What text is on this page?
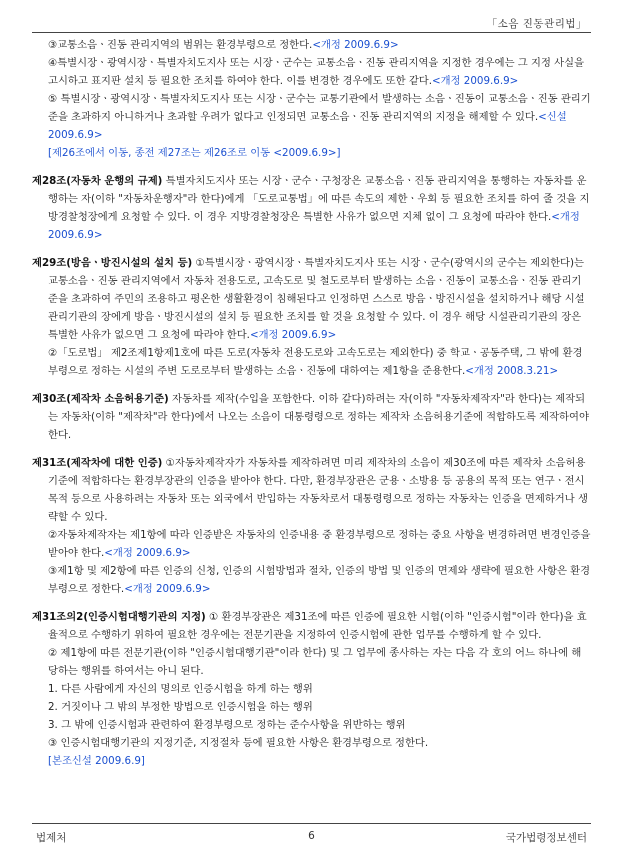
「소음 진동관리법」
③교통소음ㆍ진동 관리지역의 범위는 환경부령으로 정한다.<개정 2009.6.9>
④특별시장ㆍ광역시장ㆍ특별자치도지사 또는 시장ㆍ군수는 교통소음ㆍ진동 관리지역을 지정한 경우에는 그 지정 사실을 고시하고 표지판 설치 등 필요한 조치를 하여야 한다. 이를 변경한 경우에도 또한 같다.<개정 2009.6.9>
⑤ 특별시장ㆍ광역시장ㆍ특별자치도지사 또는 시장ㆍ군수는 교통기관에서 발생하는 소음ㆍ진동이 교통소음ㆍ진동 관리기준을 초과하지 아니하거나 초과할 우려가 없다고 인정되면 교통소음ㆍ진동 관리지역의 지정을 해제할 수 있다.<신설 2009.6.9>
[제26조에서 이동, 종전 제27조는 제26조로 이동 <2009.6.9>]
제28조(자동차 운행의 규제) 특별자치도지사 또는 시장ㆍ군수ㆍ구청장은 교통소음ㆍ진동 관리지역을 통행하는 자동차를 운행하는 자(이하 "자동차운행자"라 한다)에게 「도로교통법」에 따른 속도의 제한ㆍ우회 등 필요한 조치를 하여 줄 것을 지방경찰청장에게 요청할 수 있다. 이 경우 지방경찰청장은 특별한 사유가 없으면 지체 없이 그 요청에 따라야 한다.<개정 2009.6.9>
제29조(방음ㆍ방진시설의 설치 등) ①특별시장ㆍ광역시장ㆍ특별자치도지사 또는 시장ㆍ군수(광역시의 군수는 제외한다)는 교통소음ㆍ진동 관리지역에서 자동차 전용도로, 고속도로 및 철도로부터 발생하는 소음ㆍ진동이 교통소음ㆍ진동 관리기준을 초과하여 주민의 조용하고 평온한 생활환경이 침해된다고 인정하면 스스로 방음ㆍ방진시설을 설치하거나 해당 시설관리기관의 장에게 방음ㆍ방진시설의 설치 등 필요한 조치를 할 것을 요청할 수 있다. 이 경우 해당 시설관리기관의 장은 특별한 사유가 없으면 그 요청에 따라야 한다.<개정 2009.6.9>
②「도로법」 제2조제1항제1호에 따른 도로(자동차 전용도로와 고속도로는 제외한다) 중 학교ㆍ공동주택, 그 밖에 환경부령으로 정하는 시설의 주변 도로로부터 발생하는 소음ㆍ진동에 대하여는 제1항을 준용한다.<개정 2008.3.21>
제30조(제작차 소음허용기준) 자동차를 제작(수입을 포함한다. 이하 같다)하려는 자(이하 "자동차제작자"라 한다)는 제작되는 자동차(이하 "제작차"라 한다)에서 나오는 소음이 대통령령으로 정하는 제작차 소음허용기준에 적합하도록 제작하여야 한다.
제31조(제작차에 대한 인증) ①자동차제작자가 자동차를 제작하려면 미리 제작차의 소음이 제30조에 따른 제작차 소음허용기준에 적합하다는 환경부장관의 인증을 받아야 한다. 다만, 환경부장관은 군용ㆍ소방용 등 공용의 목적 또는 연구ㆍ전시목적 등으로 사용하려는 자동차 또는 외국에서 반입하는 자동차로서 대통령령으로 정하는 자동차는 인증을 면제하거나 생략할 수 있다.
②자동차제작자는 제1항에 따라 인증받은 자동차의 인증내용 중 환경부령으로 정하는 중요 사항을 변경하려면 변경인증을 받아야 한다.<개정 2009.6.9>
③제1항 및 제2항에 따른 인증의 신청, 인증의 시험방법과 절차, 인증의 방법 및 인증의 면제와 생략에 필요한 사항은 환경부령으로 정한다.<개정 2009.6.9>
제31조의2(인증시험대행기관의 지정) ① 환경부장관은 제31조에 따른 인증에 필요한 시험(이하 "인증시험"이라 한다)을 효율적으로 수행하기 위하여 필요한 경우에는 전문기관을 지정하여 인증시험에 관한 업무를 수행하게 할 수 있다.
② 제1항에 따른 전문기관(이하 "인증시험대행기관"이라 한다) 및 그 업무에 종사하는 자는 다음 각 호의 어느 하나에 해당하는 행위를 하여서는 아니 된다.
1. 다른 사람에게 자신의 명의로 인증시험을 하게 하는 행위
2. 거짓이나 그 밖의 부정한 방법으로 인증시험을 하는 행위
3. 그 밖에 인증시험과 관련하여 환경부령으로 정하는 준수사항을 위반하는 행위
③ 인증시험대행기관의 지정기준, 지정절차 등에 필요한 사항은 환경부령으로 정한다.
[본조신설 2009.6.9]
법제처	6	국가법령정보센터
